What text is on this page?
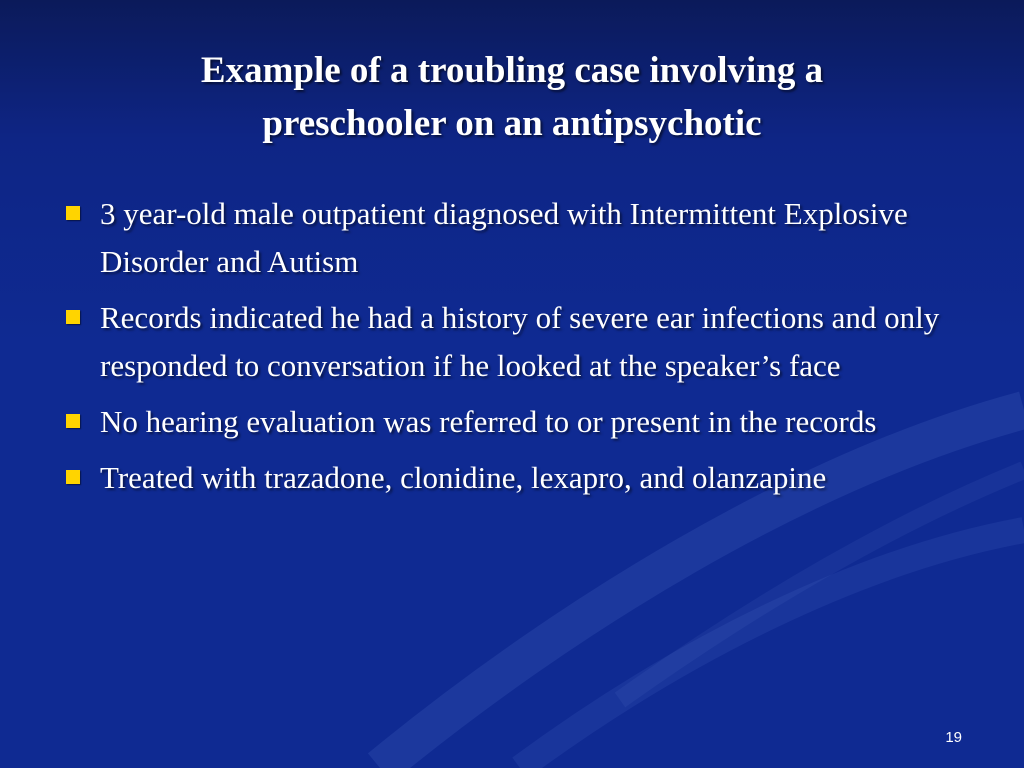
Example of a troubling case involving a
preschooler on an antipsychotic
3 year-old male outpatient diagnosed with Intermittent Explosive Disorder and Autism
Records indicated he had a history of severe ear infections and only responded to conversation if he looked at the speaker’s face
No hearing evaluation was referred to or present in the records
Treated with trazadone, clonidine, lexapro, and olanzapine
19
